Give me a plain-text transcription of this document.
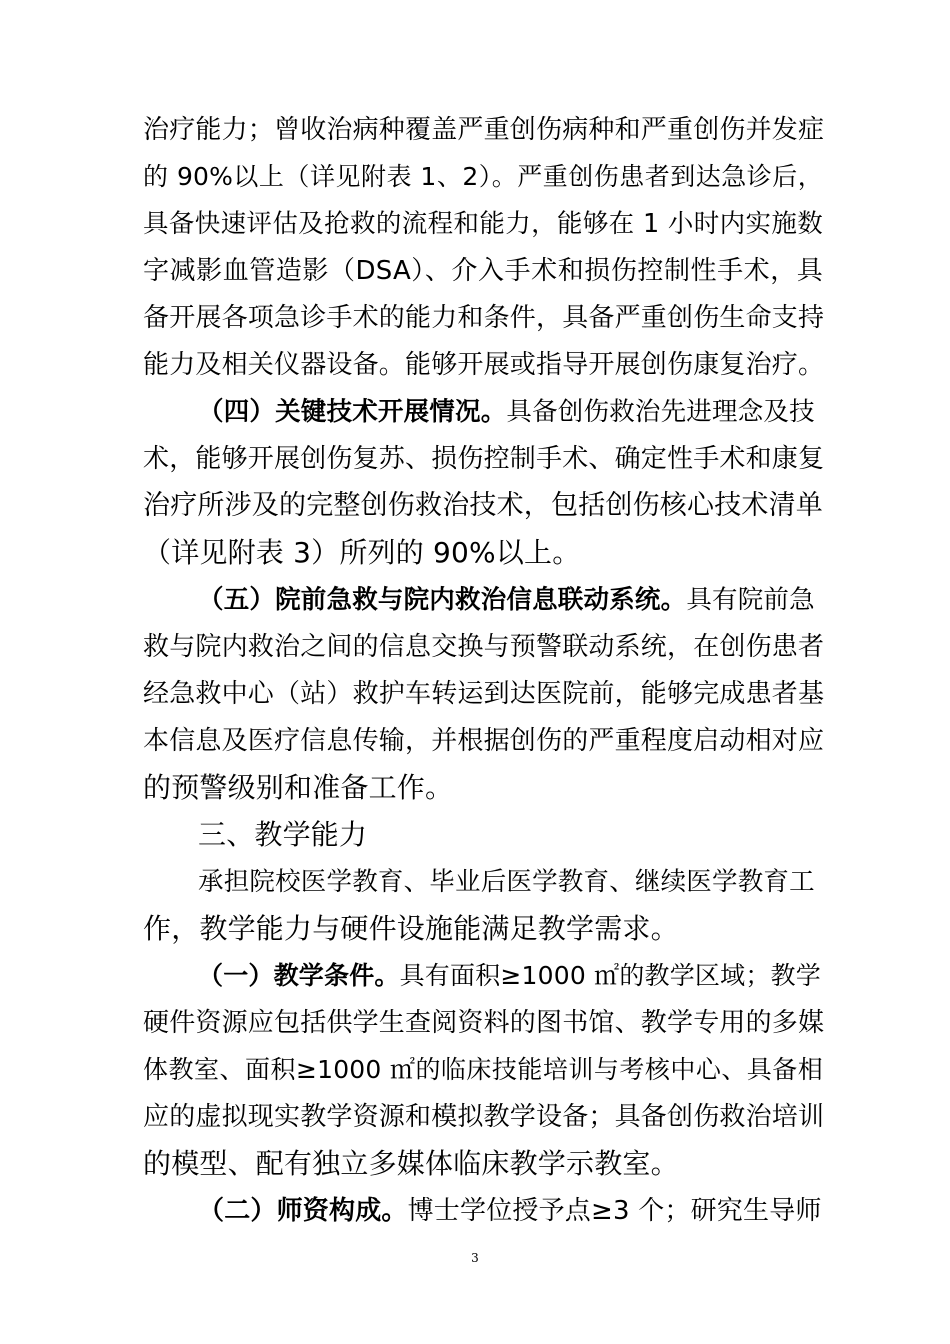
治疗能力；曾收治病种覆盖严重创伤病种和严重创伤并发症
的 90%以上（详见附表 1、2）。严重创伤患者到达急诊后，
具备快速评估及抢救的流程和能力，能够在 1 小时内实施数
字减影血管造影（DSA）、介入手术和损伤控制性手术，具
备开展各项急诊手术的能力和条件，具备严重创伤生命支持
能力及相关仪器设备。能够开展或指导开展创伤康复治疗。
（四）关键技术开展情况。具备创伤救治先进理念及技
术，能够开展创伤复苏、损伤控制手术、确定性手术和康复
治疗所涉及的完整创伤救治技术，包括创伤核心技术清单
（详见附表 3）所列的 90%以上。
（五）院前急救与院内救治信息联动系统。具有院前急
救与院内救治之间的信息交换与预警联动系统，在创伤患者
经急救中心（站）救护车转运到达医院前，能够完成患者基
本信息及医疗信息传输，并根据创伤的严重程度启动相对应
的预警级别和准备工作。
三、教学能力
承担院校医学教育、毕业后医学教育、继续医学教育工
作，教学能力与硬件设施能满足教学需求。
（一）教学条件。具有面积≥1000 ㎡的教学区域；教学
硬件资源应包括供学生查阅资料的图书馆、教学专用的多媒
体教室、面积≥1000 ㎡的临床技能培训与考核中心、具备相
应的虚拟现实教学资源和模拟教学设备；具备创伤救治培训
的模型、配有独立多媒体临床教学示教室。
（二）师资构成。博士学位授予点≥3 个；研究生导师
3
